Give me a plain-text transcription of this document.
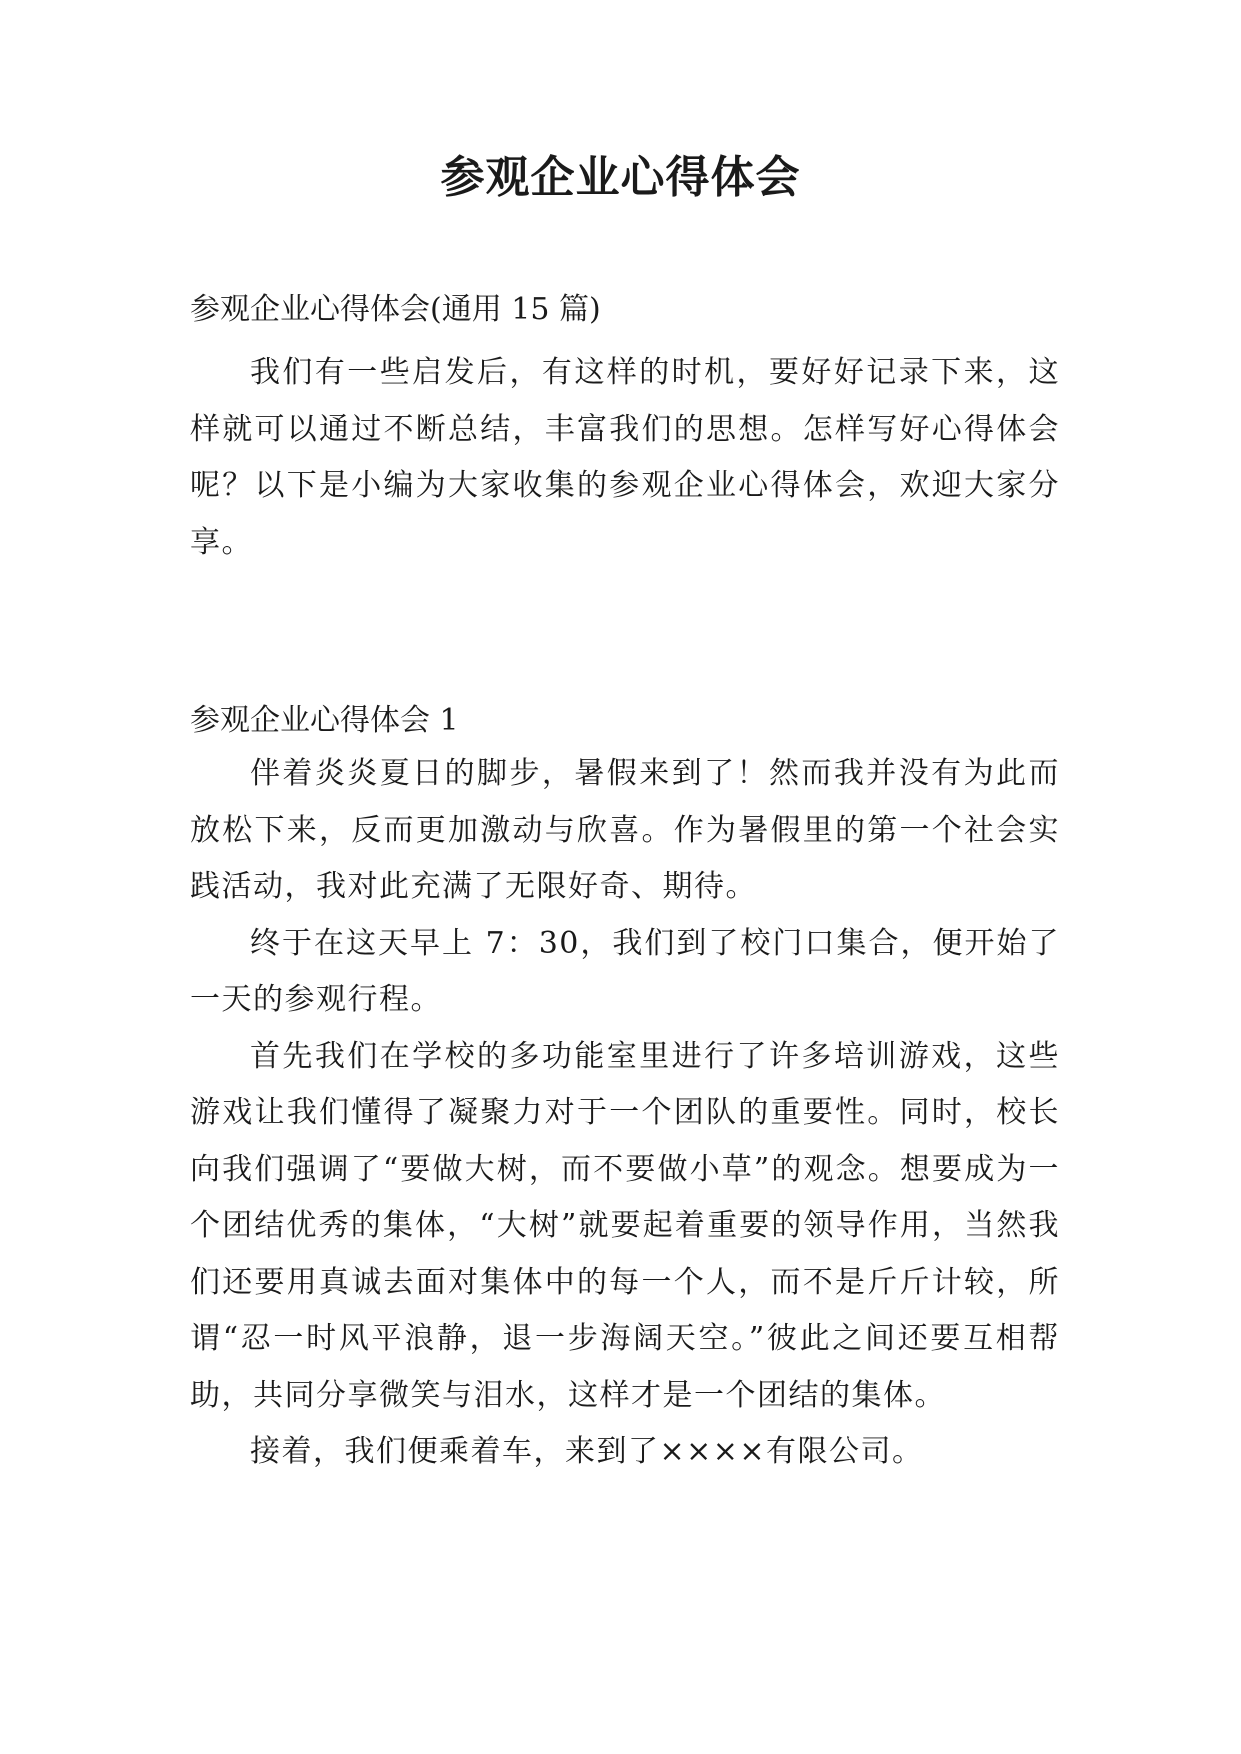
参观企业心得体会
参观企业心得体会(通用 15 篇)

我们有一些启发后，有这样的时机，要好好记录下来，这样就可以通过不断总结，丰富我们的思想。怎样写好心得体会呢？以下是小编为大家收集的参观企业心得体会，欢迎大家分享。

参观企业心得体会 1

伴着炎炎夏日的脚步，暑假来到了！然而我并没有为此而放松下来，反而更加激动与欣喜。作为暑假里的第一个社会实践活动，我对此充满了无限好奇、期待。

终于在这天早上 7：30，我们到了校门口集合，便开始了一天的参观行程。

首先我们在学校的多功能室里进行了许多培训游戏，这些游戏让我们懂得了凝聚力对于一个团队的重要性。同时，校长向我们强调了“要做大树，而不要做小草”的观念。想要成为一个团结优秀的集体，“大树”就要起着重要的领导作用，当然我们还要用真诚去面对集体中的每一个人，而不是斤斤计较，所谓“忍一时风平浪静，退一步海阔天空。”彼此之间还要互相帮助，共同分享微笑与泪水，这样才是一个团结的集体。

接着，我们便乘着车，来到了××××有限公司。
